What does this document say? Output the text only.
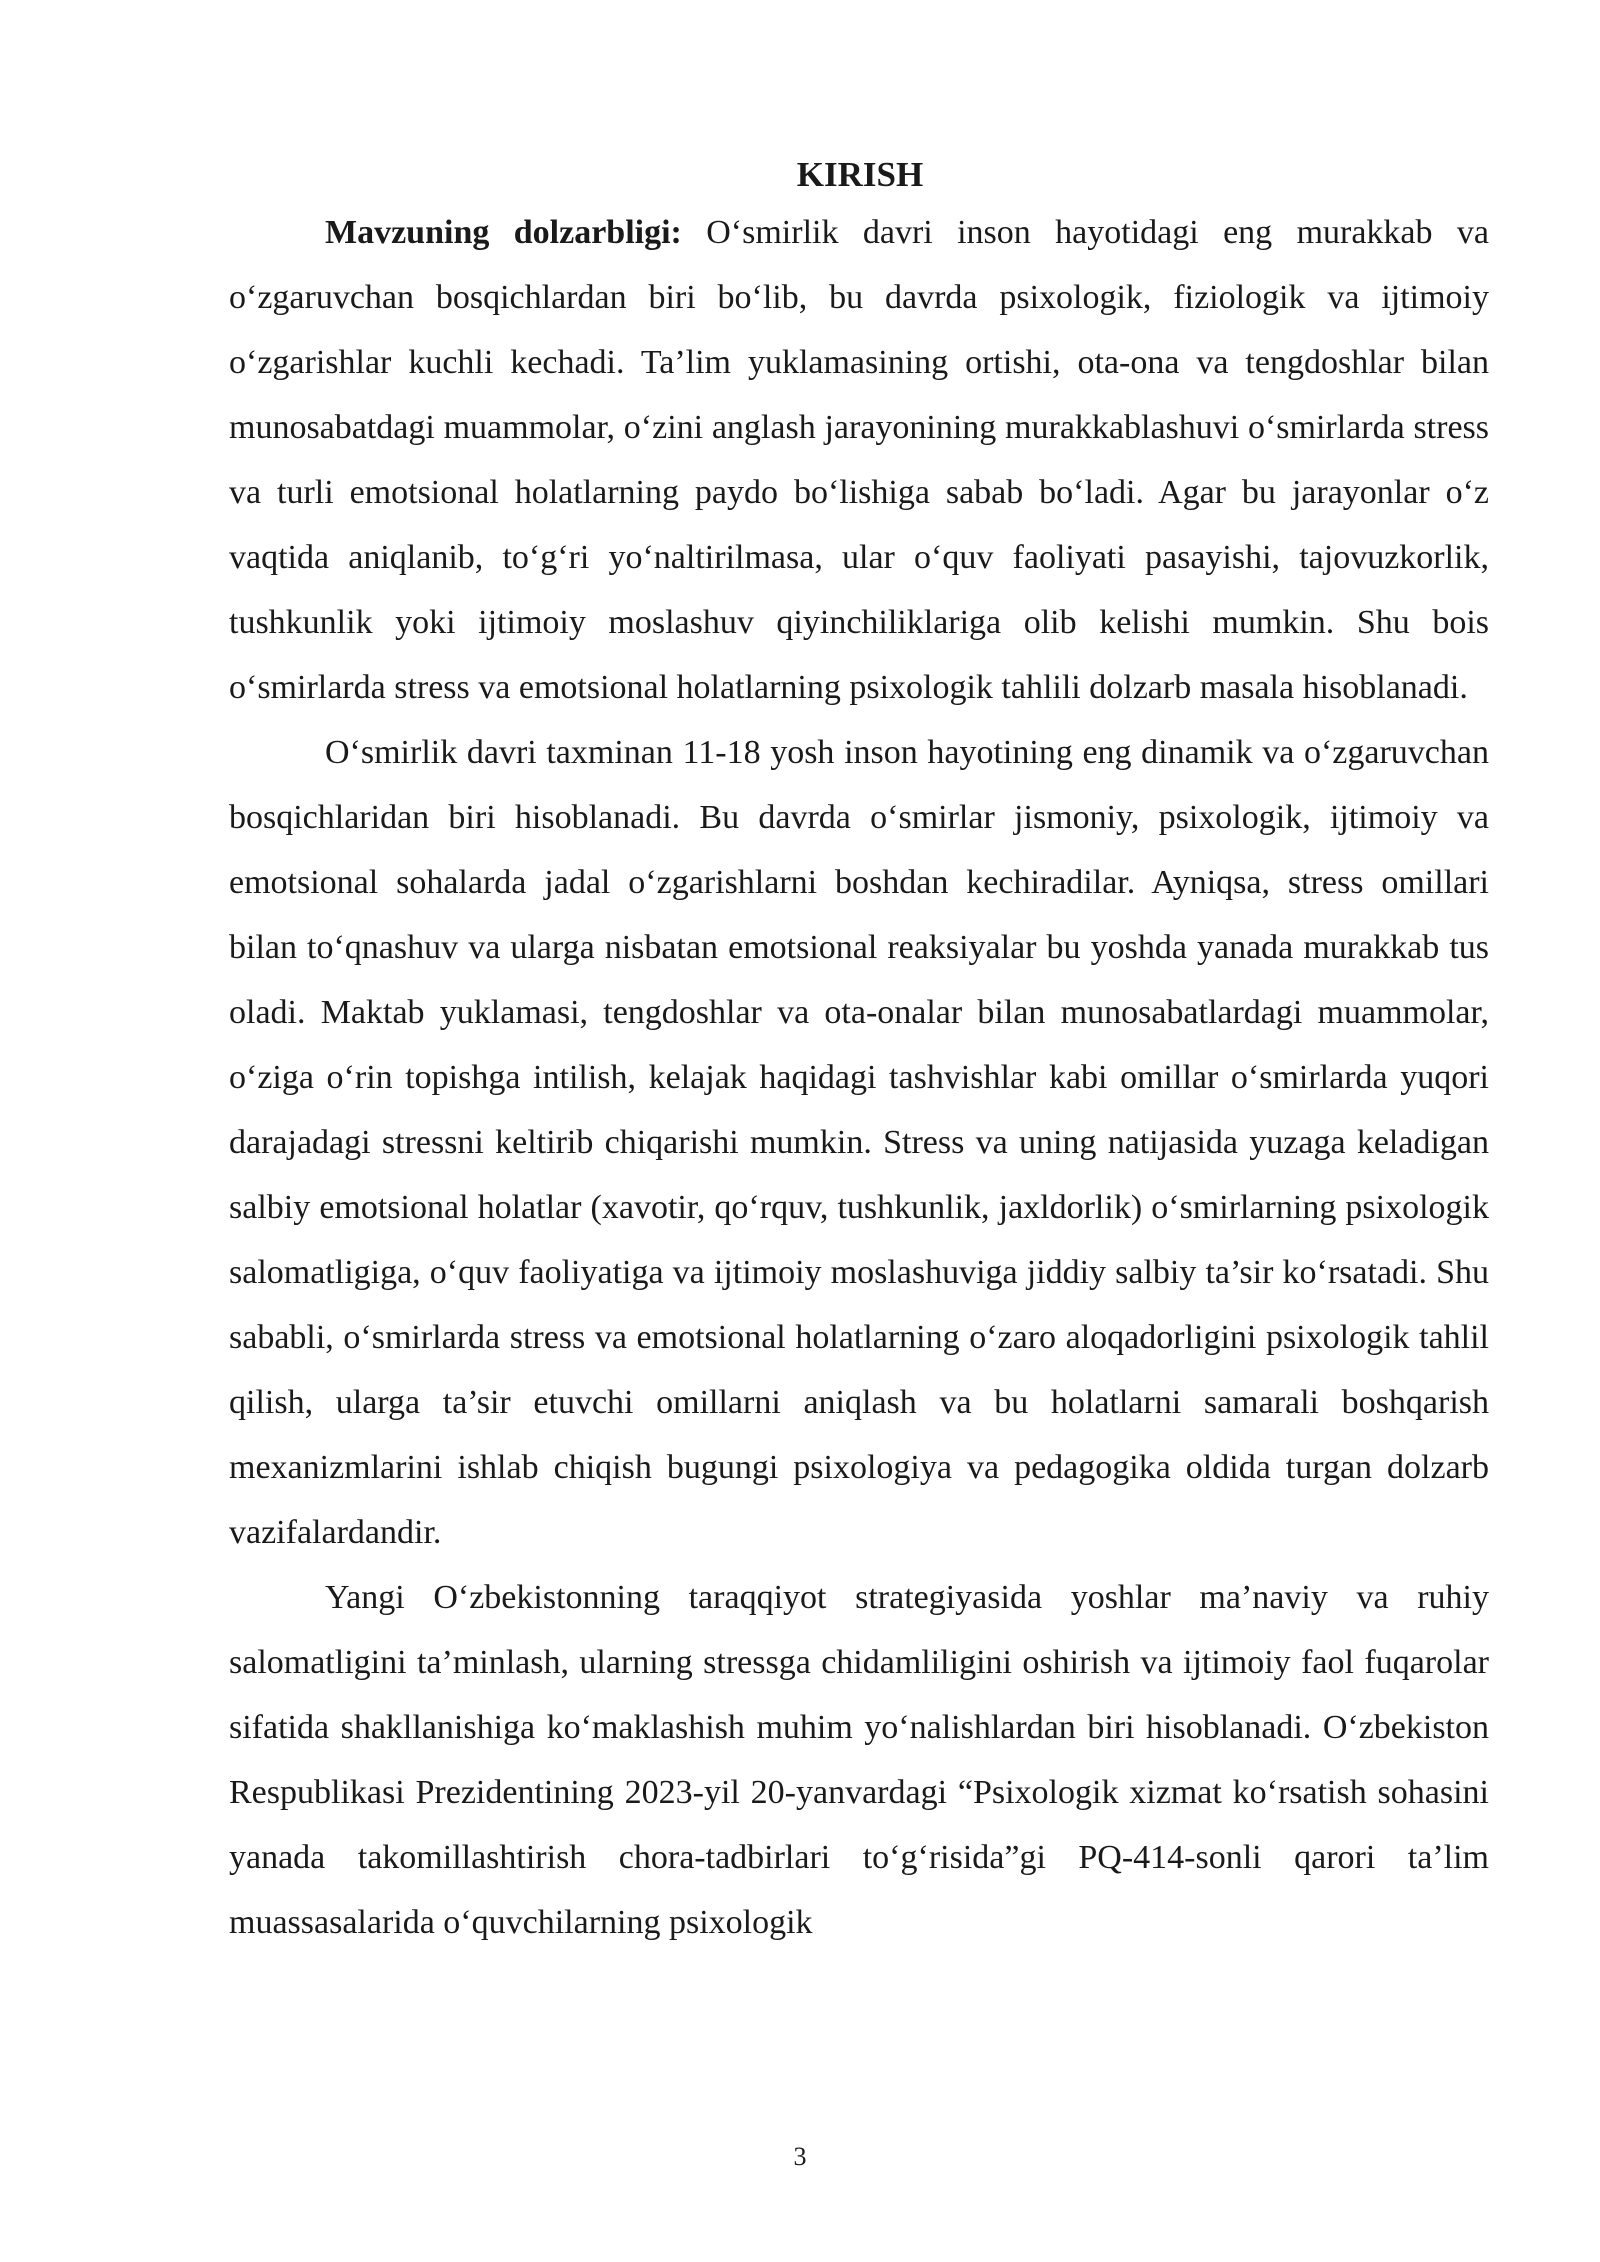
KIRISH

Mavzuning dolzarbligi: O‘smirlik davri inson hayotidagi eng murakkab va o‘zgaruvchan bosqichlardan biri bo‘lib, bu davrda psixologik, fiziologik va ijtimoiy o‘zgarishlar kuchli kechadi. Ta’lim yuklamasining ortishi, ota-ona va tengdoshlar bilan munosabatdagi muammolar, o‘zini anglash jarayonining murakkablashuvi o‘smirlarda stress va turli emotsional holatlarning paydo bo‘lishiga sabab bo‘ladi. Agar bu jarayonlar o‘z vaqtida aniqlanib, to‘g‘ri yo‘naltirilmasa, ular o‘quv faoliyati pasayishi, tajovuzkorlik, tushkunlik yoki ijtimoiy moslashuv qiyinchiliklariga olib kelishi mumkin. Shu bois o‘smirlarda stress va emotsional holatlarning psixologik tahlili dolzarb masala hisoblanadi.

O‘smirlik davri taxminan 11-18 yosh inson hayotining eng dinamik va o‘zgaruvchan bosqichlaridan biri hisoblanadi. Bu davrda o‘smirlar jismoniy, psixologik, ijtimoiy va emotsional sohalarda jadal o‘zgarishlarni boshdan kechiradilar. Ayniqsa, stress omillari bilan to‘qnashuv va ularga nisbatan emotsional reaksiyalar bu yoshda yanada murakkab tus oladi. Maktab yuklamasi, tengdoshlar va ota-onalar bilan munosabatlardagi muammolar, o‘ziga o‘rin topishga intilish, kelajak haqidagi tashvishlar kabi omillar o‘smirlarda yuqori darajadagi stressni keltirib chiqarishi mumkin. Stress va uning natijasida yuzaga keladigan salbiy emotsional holatlar (xavotir, qo‘rquv, tushkunlik, jaxldorlik) o‘smirlarning psixologik salomatligiga, o‘quv faoliyatiga va ijtimoiy moslashuviga jiddiy salbiy ta’sir ko‘rsatadi. Shu sababli, o‘smirlarda stress va emotsional holatlarning o‘zaro aloqadorligini psixologik tahlil qilish, ularga ta’sir etuvchi omillarni aniqlash va bu holatlarni samarali boshqarish mexanizmlarini ishlab chiqish bugungi psixologiya va pedagogika oldida turgan dolzarb vazifalardandir.

Yangi O‘zbekistonning taraqqiyot strategiyasida yoshlar ma’naviy va ruhiy salomatligini ta’minlash, ularning stressga chidamliligini oshirish va ijtimoiy faol fuqarolar sifatida shakllanishiga ko‘maklashish muhim yo‘nalishlardan biri hisoblanadi. O‘zbekiston Respublikasi Prezidentining 2023-yil 20-yanvardagi “Psixologik xizmat ko‘rsatish sohasini yanada takomillashtirish chora-tadbirlari to‘g‘risida”gi PQ-414-sonli qarori ta’lim muassasalarida o‘quvchilarning psixologik

3
